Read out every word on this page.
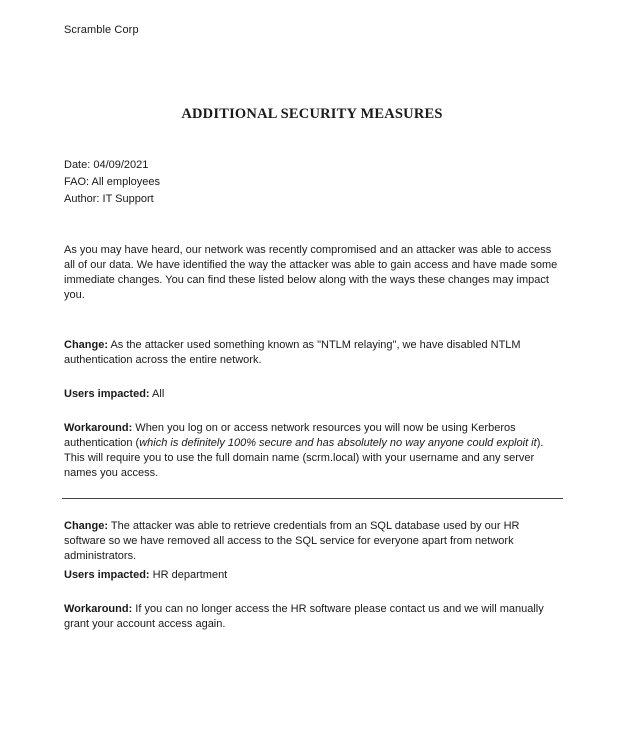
Scramble Corp
ADDITIONAL SECURITY MEASURES
Date: 04/09/2021
FAO: All employees
Author: IT Support
As you may have heard, our network was recently compromised and an attacker was able to access all of our data. We have identified the way the attacker was able to gain access and have made some immediate changes. You can find these listed below along with the ways these changes may impact you.
Change: As the attacker used something known as "NTLM relaying", we have disabled NTLM authentication across the entire network.
Users impacted: All
Workaround: When you log on or access network resources you will now be using Kerberos authentication (which is definitely 100% secure and has absolutely no way anyone could exploit it). This will require you to use the full domain name (scrm.local) with your username and any server names you access.
Change: The attacker was able to retrieve credentials from an SQL database used by our HR software so we have removed all access to the SQL service for everyone apart from network administrators.
Users impacted: HR department
Workaround: If you can no longer access the HR software please contact us and we will manually grant your account access again.
